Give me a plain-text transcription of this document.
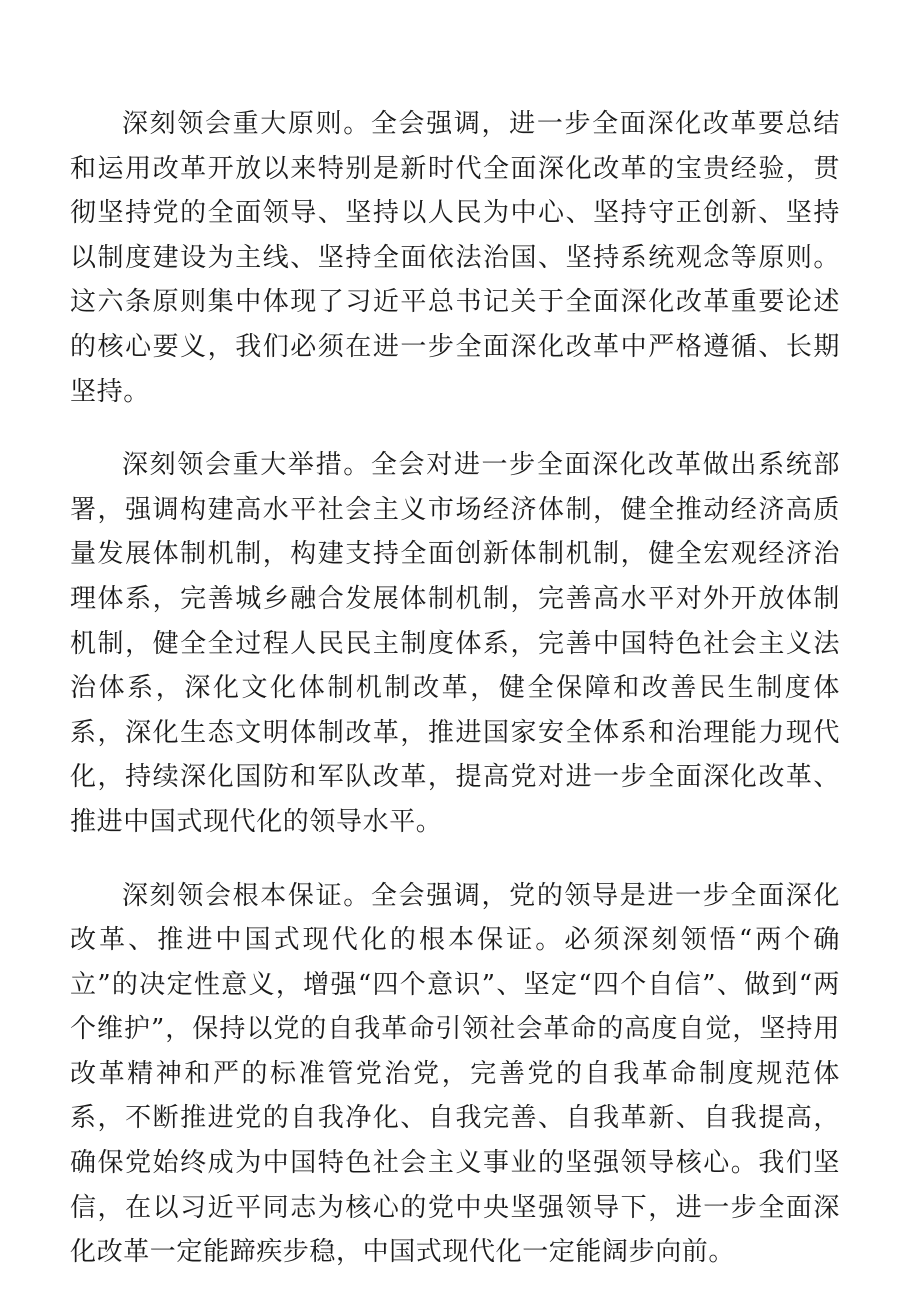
深刻领会重大原则。全会强调，进一步全面深化改革要总结和运用改革开放以来特别是新时代全面深化改革的宝贵经验，贯彻坚持党的全面领导、坚持以人民为中心、坚持守正创新、坚持以制度建设为主线、坚持全面依法治国、坚持系统观念等原则。这六条原则集中体现了习近平总书记关于全面深化改革重要论述的核心要义，我们必须在进一步全面深化改革中严格遵循、长期坚持。

深刻领会重大举措。全会对进一步全面深化改革做出系统部署，强调构建高水平社会主义市场经济体制，健全推动经济高质量发展体制机制，构建支持全面创新体制机制，健全宏观经济治理体系，完善城乡融合发展体制机制，完善高水平对外开放体制机制，健全全过程人民民主制度体系，完善中国特色社会主义法治体系，深化文化体制机制改革，健全保障和改善民生制度体系，深化生态文明体制改革，推进国家安全体系和治理能力现代化，持续深化国防和军队改革，提高党对进一步全面深化改革、推进中国式现代化的领导水平。

深刻领会根本保证。全会强调，党的领导是进一步全面深化改革、推进中国式现代化的根本保证。必须深刻领悟“两个确立”的决定性意义，增强“四个意识”、坚定“四个自信”、做到“两个维护”，保持以党的自我革命引领社会革命的高度自觉，坚持用改革精神和严的标准管党治党，完善党的自我革命制度规范体系，不断推进党的自我净化、自我完善、自我革新、自我提高，确保党始终成为中国特色社会主义事业的坚强领导核心。我们坚信，在以习近平同志为核心的党中央坚强领导下，进一步全面深化改革一定能蹄疾步稳，中国式现代化一定能阔步向前。
